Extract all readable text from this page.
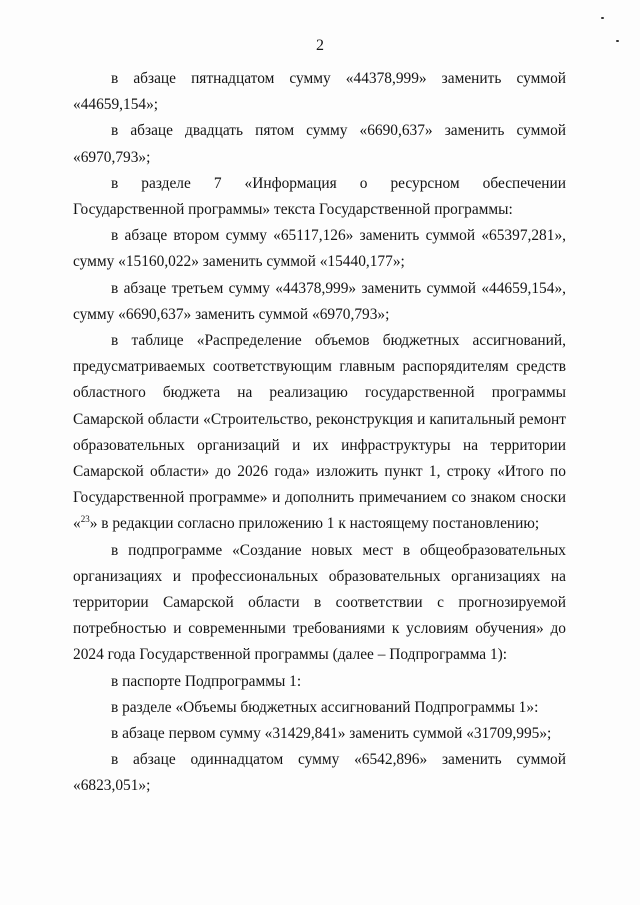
2

в абзаце пятнадцатом сумму «44378,999» заменить суммой «44659,154»;

в абзаце двадцать пятом сумму «6690,637» заменить суммой «6970,793»;

в разделе 7 «Информация о ресурсном обеспечении Государственной программы» текста Государственной программы:

в абзаце втором сумму «65117,126» заменить суммой «65397,281», сумму «15160,022» заменить суммой «15440,177»;

в абзаце третьем сумму «44378,999» заменить суммой «44659,154», сумму «6690,637» заменить суммой «6970,793»;

в таблице «Распределение объемов бюджетных ассигнований, предусматриваемых соответствующим главным распорядителям средств областного бюджета на реализацию государственной программы Самарской области «Строительство, реконструкция и капитальный ремонт образовательных организаций и их инфраструктуры на территории Самарской области» до 2026 года» изложить пункт 1, строку «Итого по Государственной программе» и дополнить примечанием со знаком сноски «$^{23}$» в редакции согласно приложению 1 к настоящему постановлению;

в подпрограмме «Создание новых мест в общеобразовательных организациях и профессиональных образовательных организациях на территории Самарской области в соответствии с прогнозируемой потребностью и современными требованиями к условиям обучения» до 2024 года Государственной программы (далее – Подпрограмма 1):

в паспорте Подпрограммы 1:

в разделе «Объемы бюджетных ассигнований Подпрограммы 1»:

в абзаце первом сумму «31429,841» заменить суммой «31709,995»;

в абзаце одиннадцатом сумму «6542,896» заменить суммой «6823,051»;
